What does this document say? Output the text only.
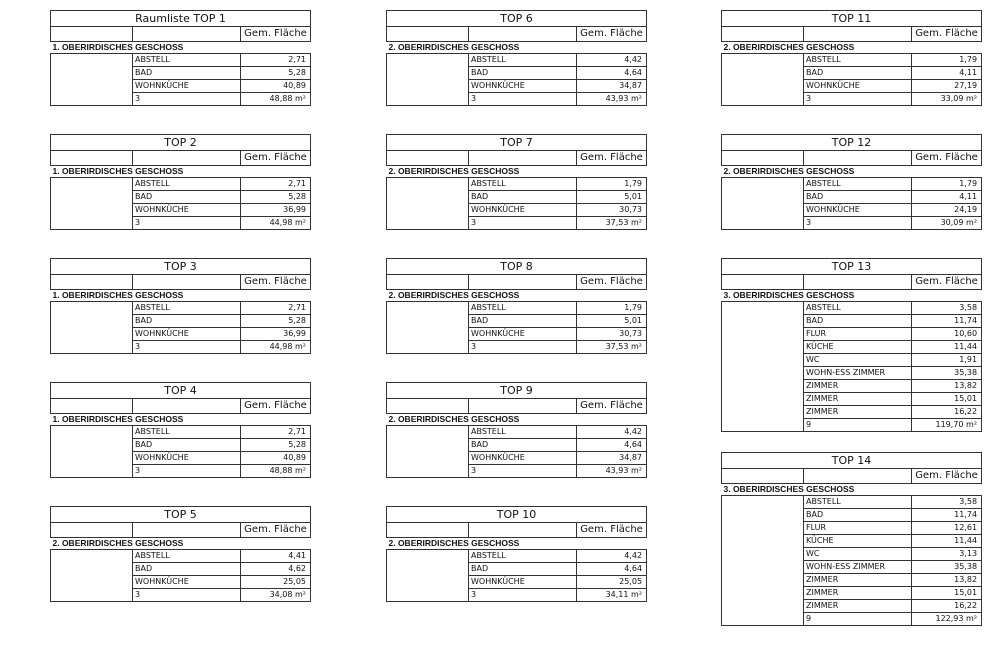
Raumliste TOP 1		
		Gem. Fläche
1. OBERIRDISCHES GESCHOSS		
	ABSTELL	2,71
	BAD	5,28
	WOHNKÜCHE	40,89
	3	48,88 m²
TOP 2		
		Gem. Fläche
1. OBERIRDISCHES GESCHOSS		
	ABSTELL	2,71
	BAD	5,28
	WOHNKÜCHE	36,99
	3	44,98 m²
TOP 3		
		Gem. Fläche
1. OBERIRDISCHES GESCHOSS		
	ABSTELL	2,71
	BAD	5,28
	WOHNKÜCHE	36,99
	3	44,98 m²
TOP 4		
		Gem. Fläche
1. OBERIRDISCHES GESCHOSS		
	ABSTELL	2,71
	BAD	5,28
	WOHNKÜCHE	40,89
	3	48,88 m²
TOP 5		
		Gem. Fläche
2. OBERIRDISCHES GESCHOSS		
	ABSTELL	4,41
	BAD	4,62
	WOHNKÜCHE	25,05
	3	34,08 m²
TOP 6		
		Gem. Fläche
2. OBERIRDISCHES GESCHOSS		
	ABSTELL	4,42
	BAD	4,64
	WOHNKÜCHE	34,87
	3	43,93 m²
TOP 7		
		Gem. Fläche
2. OBERIRDISCHES GESCHOSS		
	ABSTELL	1,79
	BAD	5,01
	WOHNKÜCHE	30,73
	3	37,53 m²
TOP 8		
		Gem. Fläche
2. OBERIRDISCHES GESCHOSS		
	ABSTELL	1,79
	BAD	5,01
	WOHNKÜCHE	30,73
	3	37,53 m²
TOP 9		
		Gem. Fläche
2. OBERIRDISCHES GESCHOSS		
	ABSTELL	4,42
	BAD	4,64
	WOHNKÜCHE	34,87
	3	43,93 m²
TOP 10		
		Gem. Fläche
2. OBERIRDISCHES GESCHOSS		
	ABSTELL	4,42
	BAD	4,64
	WOHNKÜCHE	25,05
	3	34,11 m²
TOP 11		
		Gem. Fläche
2. OBERIRDISCHES GESCHOSS		
	ABSTELL	1,79
	BAD	4,11
	WOHNKÜCHE	27,19
	3	33,09 m²
TOP 12		
		Gem. Fläche
2. OBERIRDISCHES GESCHOSS		
	ABSTELL	1,79
	BAD	4,11
	WOHNKÜCHE	24,19
	3	30,09 m²
TOP 13		
		Gem. Fläche
3. OBERIRDISCHES GESCHOSS		
	ABSTELL	3,58
	BAD	11,74
	FLUR	10,60
	KÜCHE	11,44
	WC	1,91
	WOHN-ESS ZIMMER	35,38
	ZIMMER	13,82
	ZIMMER	15,01
	ZIMMER	16,22
	9	119,70 m²
TOP 14		
		Gem. Fläche
3. OBERIRDISCHES GESCHOSS		
	ABSTELL	3,58
	BAD	11,74
	FLUR	12,61
	KÜCHE	11,44
	WC	3,13
	WOHN-ESS ZIMMER	35,38
	ZIMMER	13,82
	ZIMMER	15,01
	ZIMMER	16,22
	9	122,93 m²
